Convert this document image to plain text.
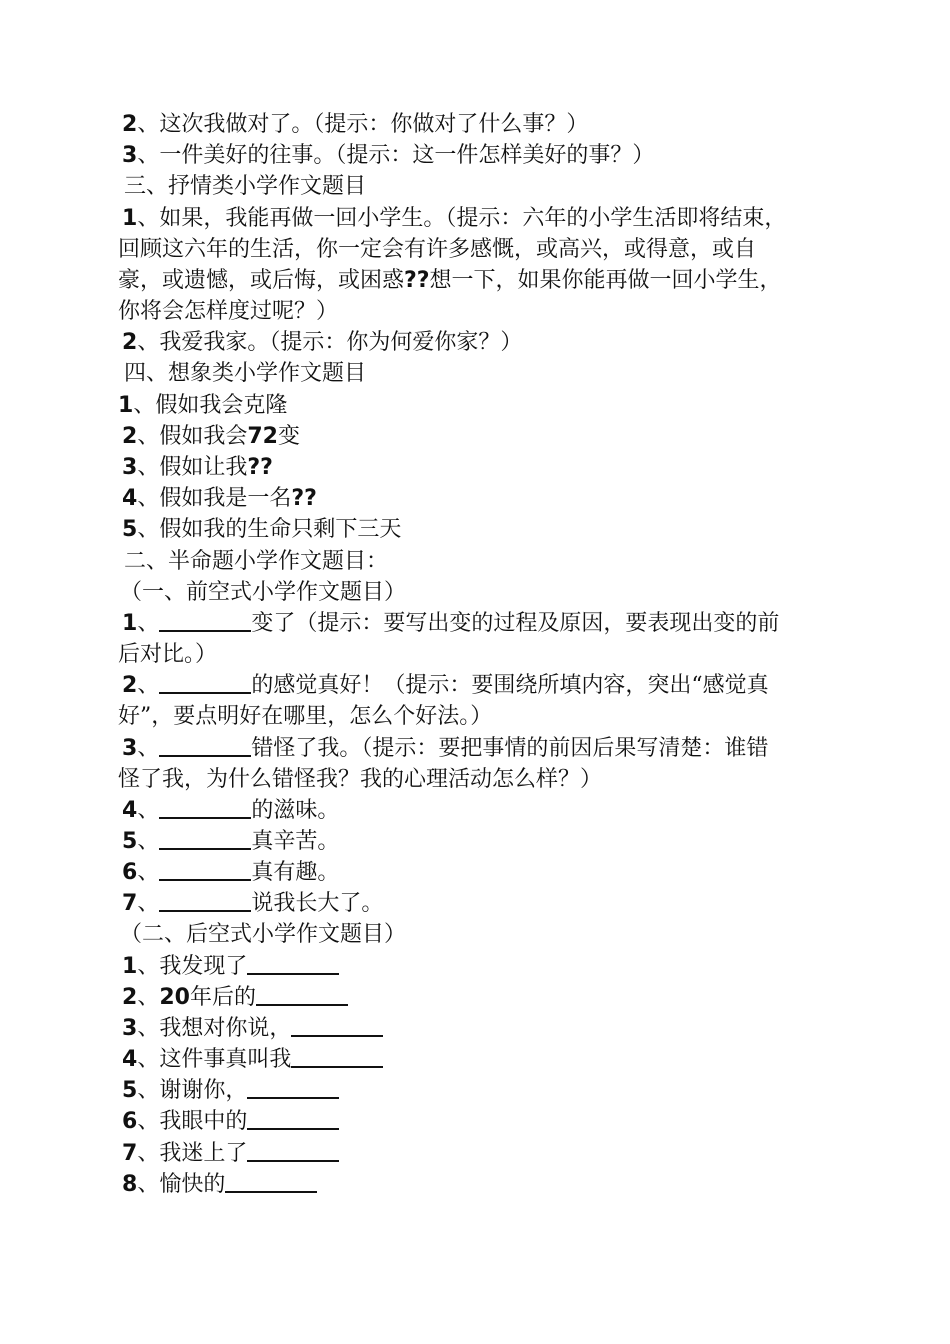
2、这次我做对了。（提示：你做对了什么事？）
3、一件美好的往事。（提示：这一件怎样美好的事？）
三、抒情类小学作文题目
1、如果，我能再做一回小学生。（提示：六年的小学生活即将结束，
回顾这六年的生活，你一定会有许多感慨，或高兴，或得意，或自
豪，或遗憾，或后悔，或困惑??想一下，如果你能再做一回小学生，
你将会怎样度过呢？）
2、我爱我家。（提示：你为何爱你家？）
四、想象类小学作文题目
1、假如我会克隆
2、假如我会72变
3、假如让我??
4、假如我是一名??
5、假如我的生命只剩下三天
二、半命题小学作文题目：
（一、前空式小学作文题目）
1、	变了（提示：要写出变的过程及原因，要表现出变的前
后对比。）
2、	的感觉真好！（提示：要围绕所填内容，突出“感觉真
好”，要点明好在哪里，怎么个好法。）
3、	错怪了我。（提示：要把事情的前因后果写清楚：谁错
怪了我，为什么错怪我？我的心理活动怎么样？）
4、	的滋味。
5、	真辛苦。
6、	真有趣。
7、	说我长大了。
（二、后空式小学作文题目）
1、我发现了
2、20年后的
3、我想对你说，
4、这件事真叫我
5、谢谢你，
6、我眼中的
7、我迷上了
8、愉快的
